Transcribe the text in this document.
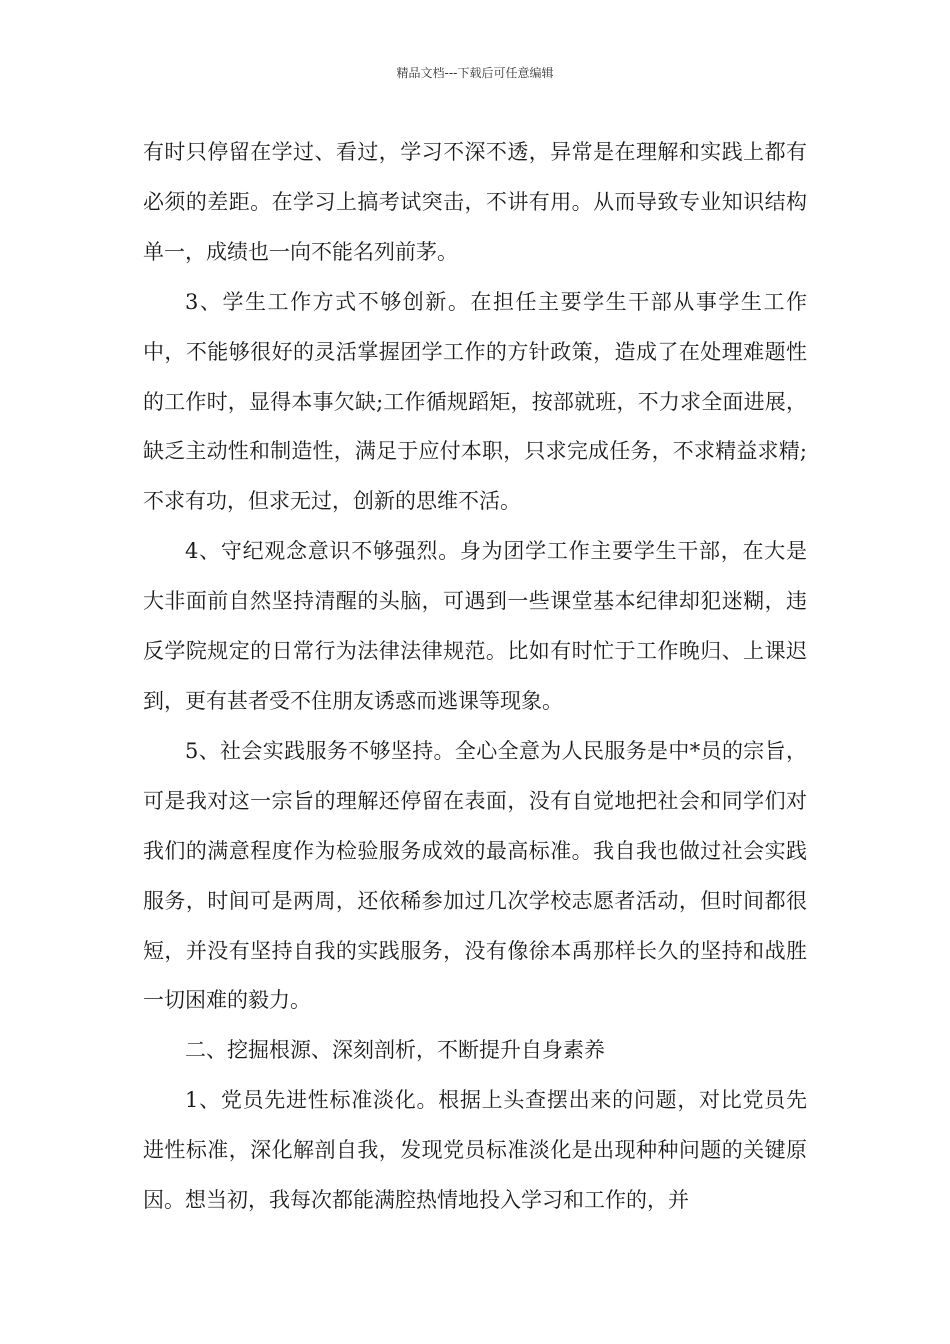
精品文档---下载后可任意编辑

有时只停留在学过、看过，学习不深不透，异常是在理解和实践上都有必须的差距。在学习上搞考试突击，不讲有用。从而导致专业知识结构单一，成绩也一向不能名列前茅。

3、学生工作方式不够创新。在担任主要学生干部从事学生工作中，不能够很好的灵活掌握团学工作的方针政策，造成了在处理难题性的工作时，显得本事欠缺;工作循规蹈矩，按部就班，不力求全面进展，缺乏主动性和制造性，满足于应付本职，只求完成任务，不求精益求精;不求有功，但求无过，创新的思维不活。

4、守纪观念意识不够强烈。身为团学工作主要学生干部，在大是大非面前自然坚持清醒的头脑，可遇到一些课堂基本纪律却犯迷糊，违反学院规定的日常行为法律法律规范。比如有时忙于工作晚归、上课迟到，更有甚者受不住朋友诱惑而逃课等现象。

5、社会实践服务不够坚持。全心全意为人民服务是中*员的宗旨，可是我对这一宗旨的理解还停留在表面，没有自觉地把社会和同学们对我们的满意程度作为检验服务成效的最高标准。我自我也做过社会实践服务，时间可是两周，还依稀参加过几次学校志愿者活动，但时间都很短，并没有坚持自我的实践服务，没有像徐本禹那样长久的坚持和战胜一切困难的毅力。

二、挖掘根源、深刻剖析，不断提升自身素养

1、党员先进性标准淡化。根据上头查摆出来的问题，对比党员先进性标准，深化解剖自我，发现党员标准淡化是出现种种问题的关键原因。想当初，我每次都能满腔热情地投入学习和工作的，并
